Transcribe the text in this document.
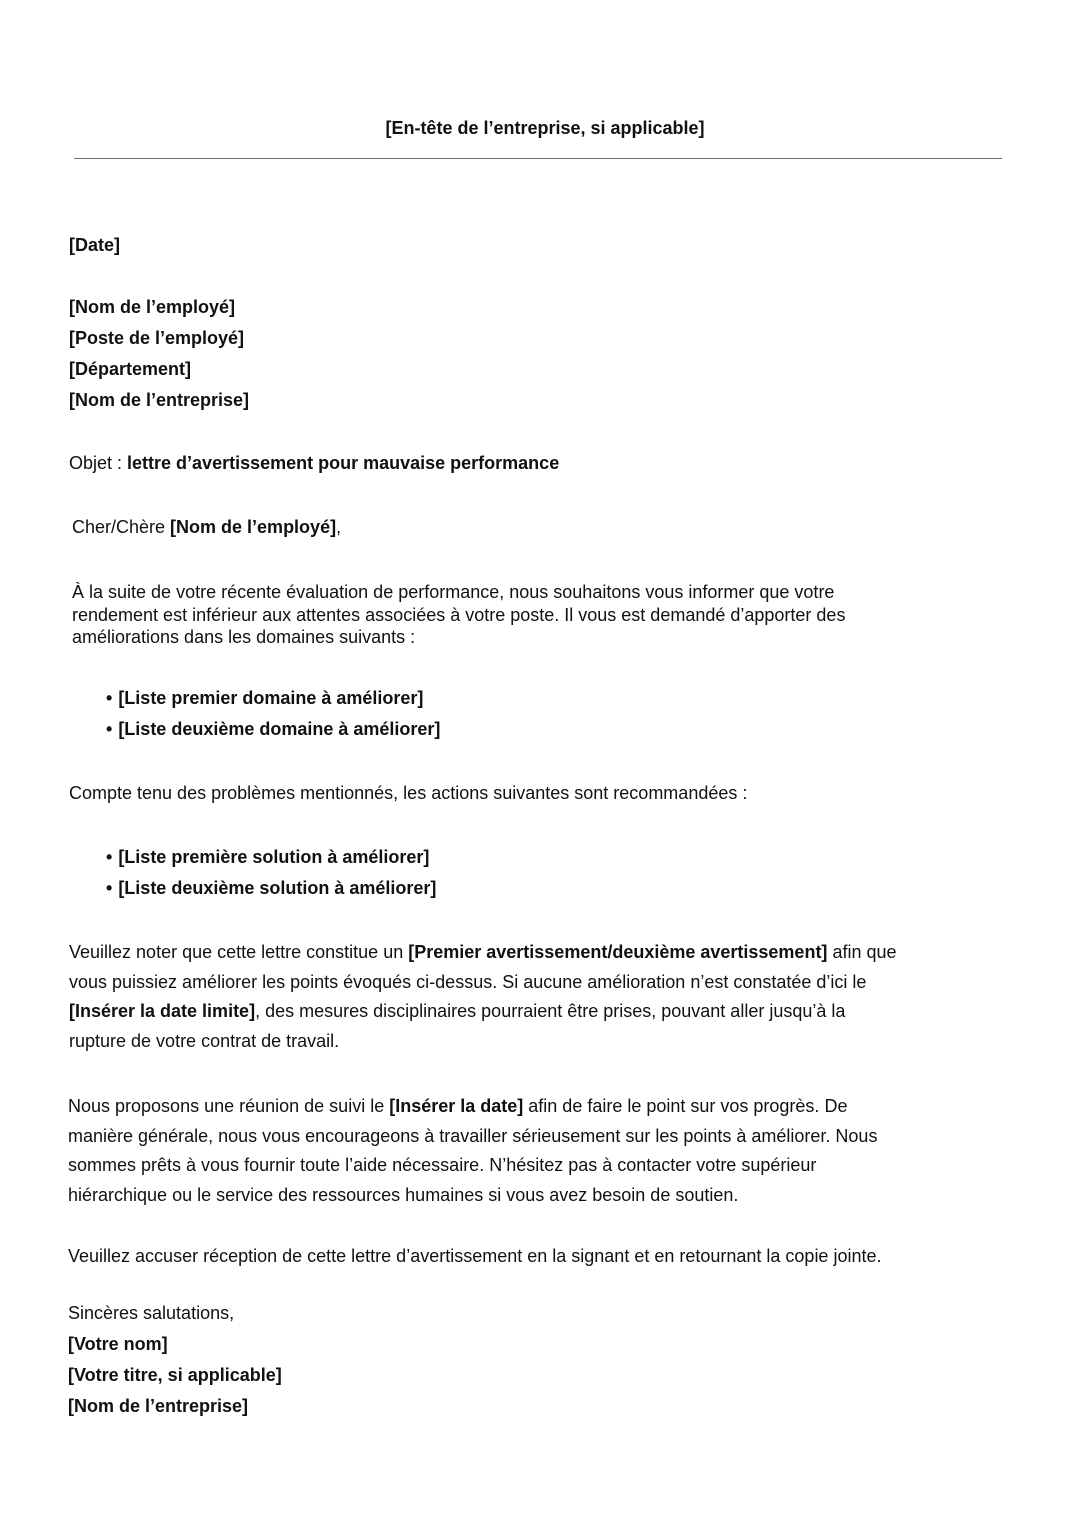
[En-tête de l’entreprise, si applicable]
[Date]
[Nom de l’employé]
[Poste de l’employé]
[Département]
[Nom de l’entreprise]
Objet : lettre d’avertissement pour mauvaise performance
Cher/Chère [Nom de l’employé],
À la suite de votre récente évaluation de performance, nous souhaitons vous informer que votre
rendement est inférieur aux attentes associées à votre poste. Il vous est demandé d’apporter des
améliorations dans les domaines suivants :
• [Liste premier domaine à améliorer]
• [Liste deuxième domaine à améliorer]
Compte tenu des problèmes mentionnés, les actions suivantes sont recommandées :
• [Liste première solution à améliorer]
• [Liste deuxième solution à améliorer]
Veuillez noter que cette lettre constitue un [Premier avertissement/deuxième avertissement] afin que
vous puissiez améliorer les points évoqués ci-dessus. Si aucune amélioration n’est constatée d’ici le
[Insérer la date limite], des mesures disciplinaires pourraient être prises, pouvant aller jusqu’à la
rupture de votre contrat de travail.
Nous proposons une réunion de suivi le [Insérer la date] afin de faire le point sur vos progrès. De
manière générale, nous vous encourageons à travailler sérieusement sur les points à améliorer. Nous
sommes prêts à vous fournir toute l’aide nécessaire. N’hésitez pas à contacter votre supérieur
hiérarchique ou le service des ressources humaines si vous avez besoin de soutien.
Veuillez accuser réception de cette lettre d’avertissement en la signant et en retournant la copie jointe.
Sincères salutations,
[Votre nom]
[Votre titre, si applicable]
[Nom de l’entreprise]
